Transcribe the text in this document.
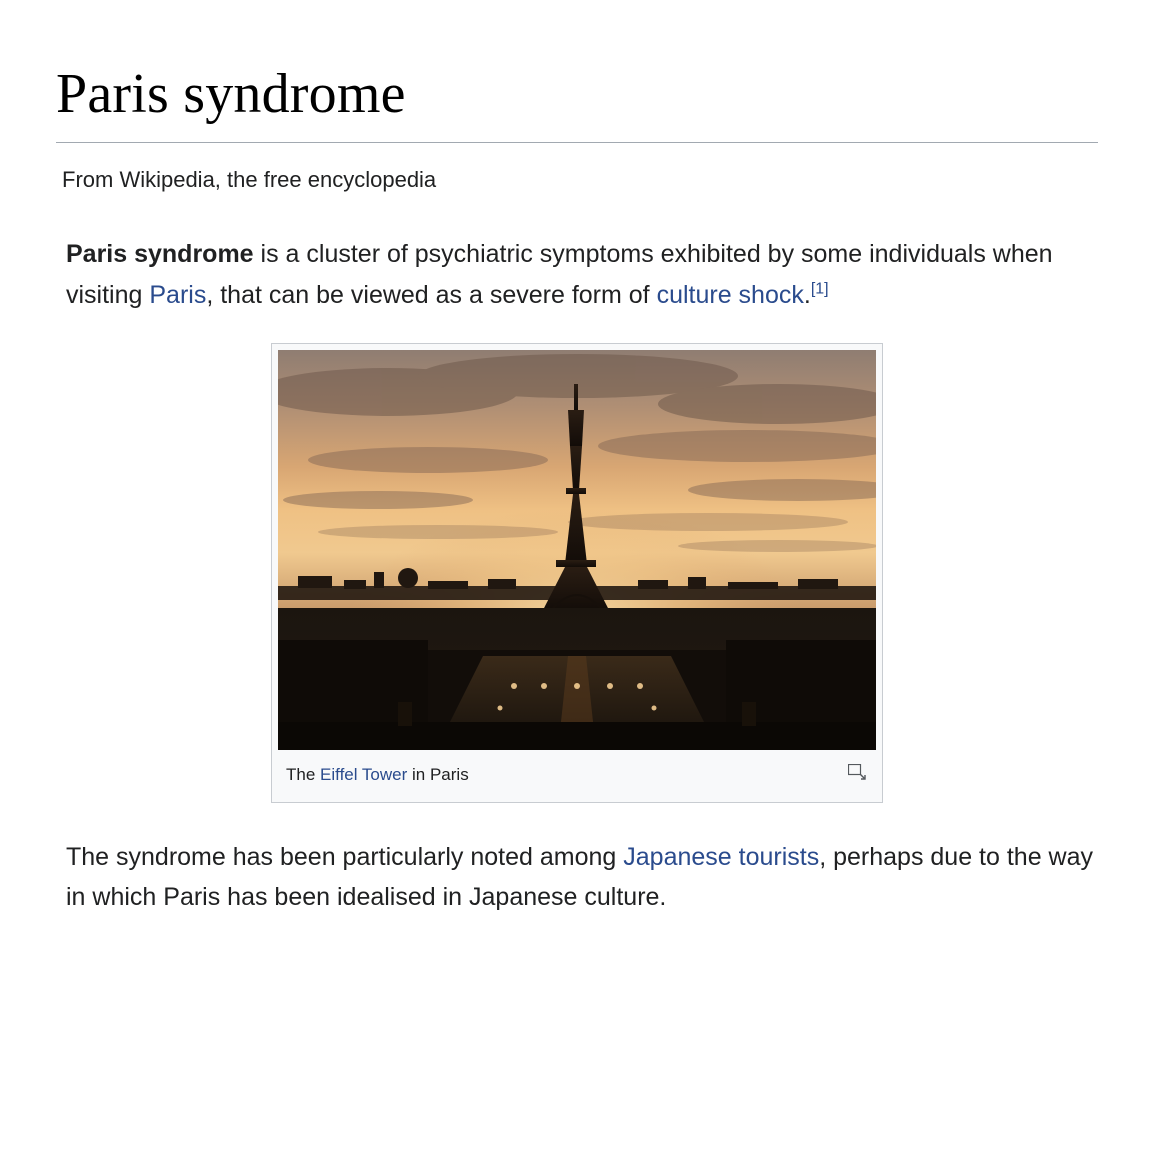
Paris syndrome
From Wikipedia, the free encyclopedia

Paris syndrome is a cluster of psychiatric symptoms exhibited by some individuals when visiting Paris, that can be viewed as a severe form of culture shock.[1]

The Eiffel Tower in Paris

The syndrome has been particularly noted among Japanese tourists, perhaps due to the way in which Paris has been idealised in Japanese culture.
